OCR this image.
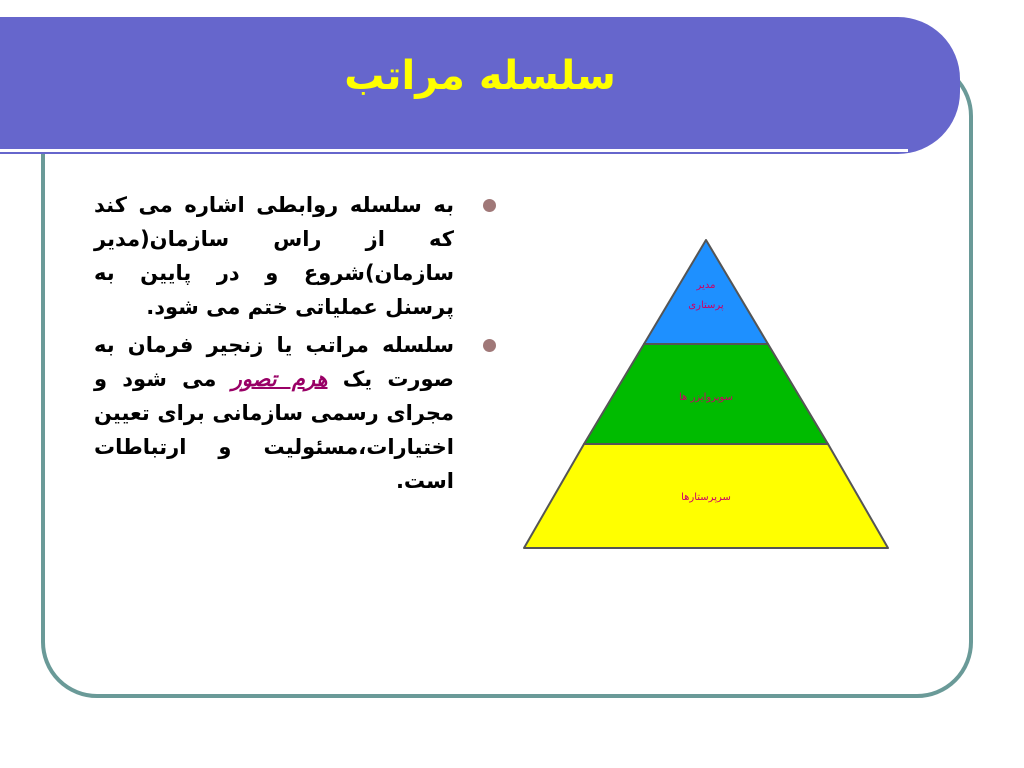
سلسله مراتب
به سلسله روابطی اشاره می کند که از راس سازمان(مدیر سازمان)شروع و در پایین به پرسنل عملیاتی ختم می شود.
سلسله مراتب یا زنجیر فرمان به صورت یک هرم تصور می شود و مجرای رسمی سازمانی برای تعیین اختیارات،مسئولیت و ارتباطات است.
مدیر
پرستاری
سوپروایزر ها
سرپرستارها
